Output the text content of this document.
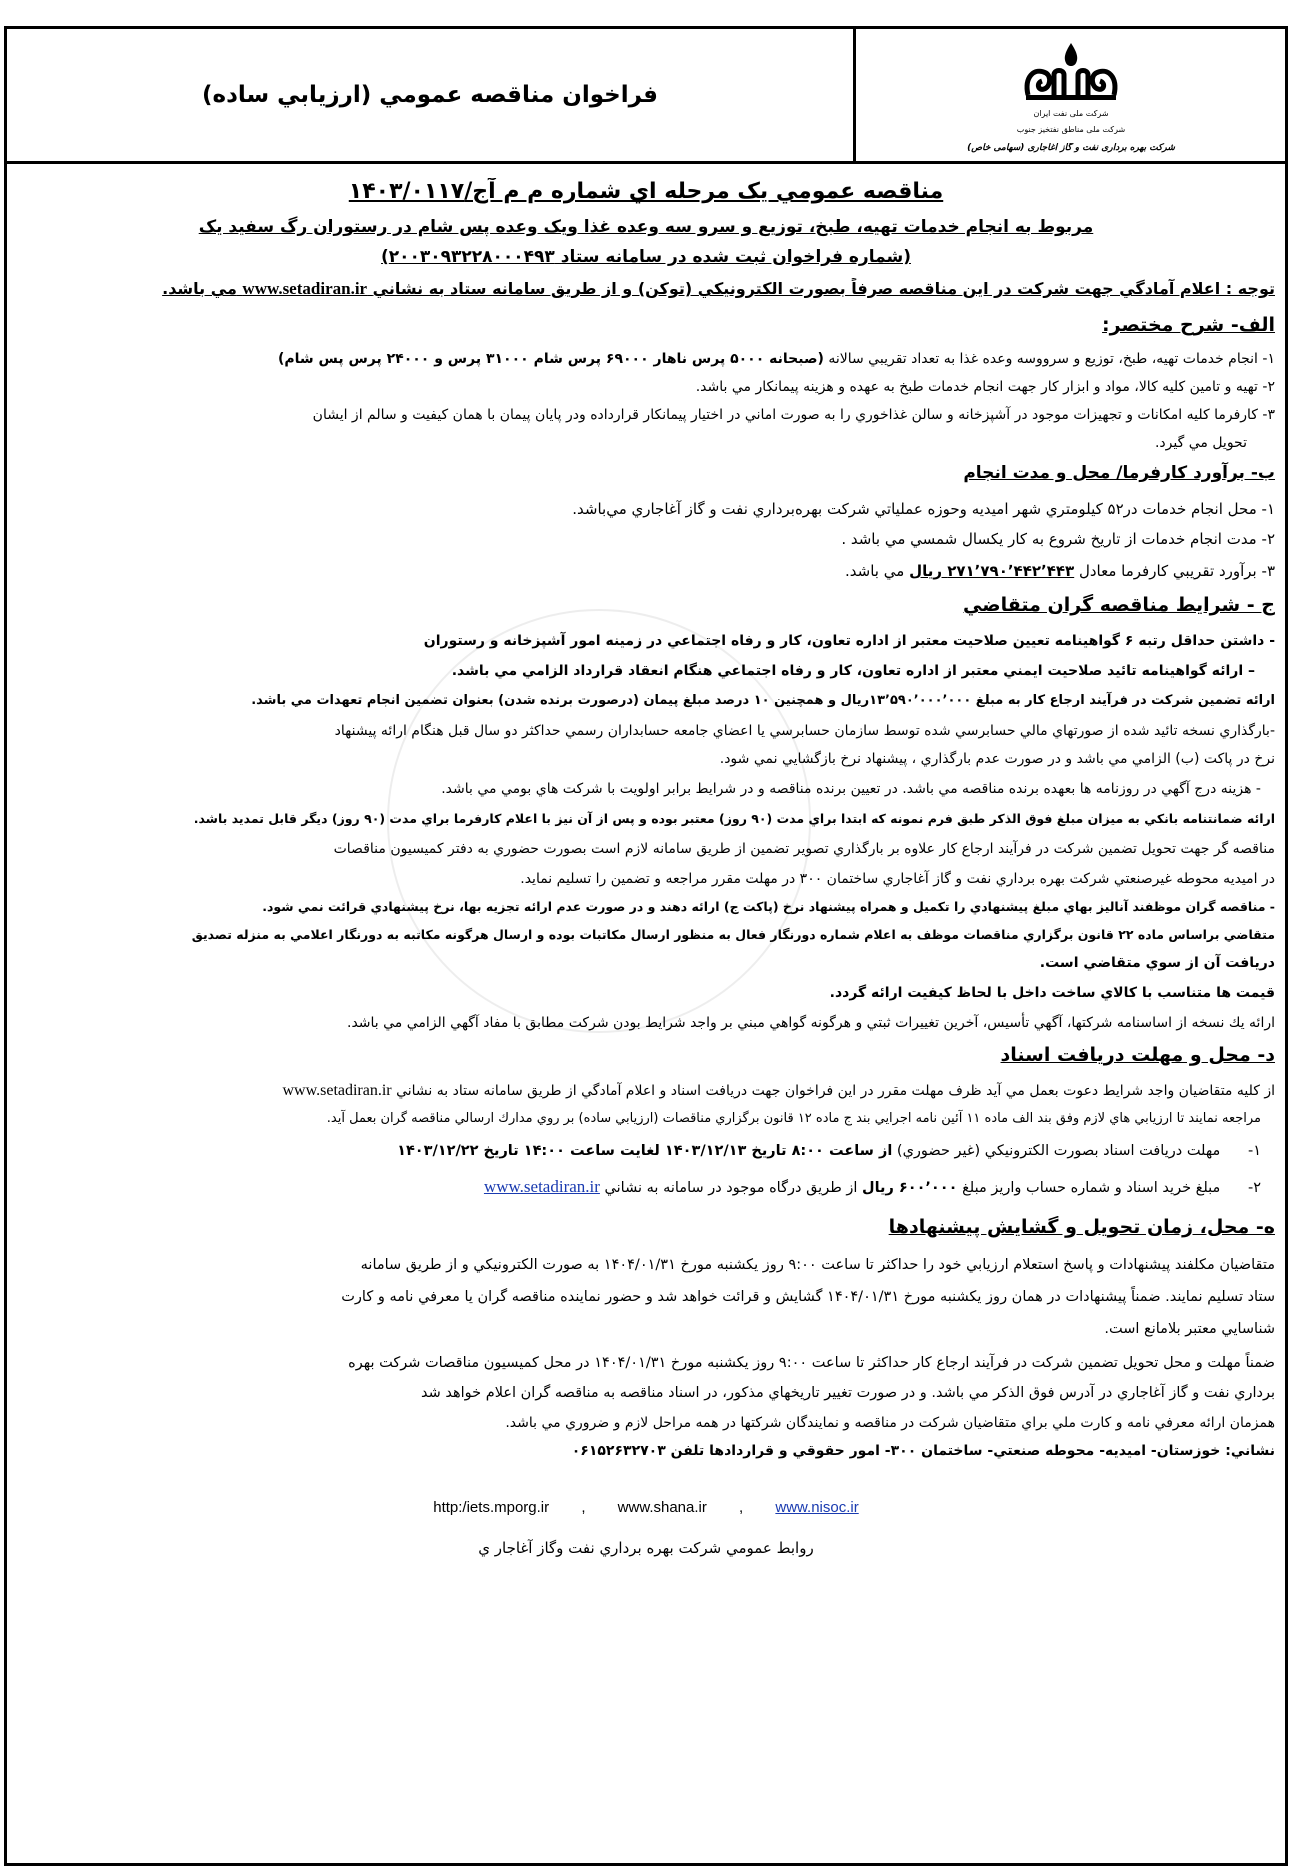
فراخوان مناقصه عمومي (ارزيابي ساده)
شرکت ملی نفت ایران
شرکت ملی مناطق نفتخیز جنوب
شرکت بهره برداری نفت و گاز آغاجاری (سهامی خاص)
مناقصه عمومي يک مرحله اي شماره م م آج/۱۴۰۳/۰۱۱۷
مربوط به انجام خدمات تهيه، طبخ، توزيع و سرو سه وعده غذا ويک وعده پس شام در رستوران رگ سفيد يک
(شماره فراخوان ثبت شده در سامانه ستاد ۲۰۰۳۰۹۳۲۲۸۰۰۰۴۹۳)
توجه : اعلام آمادگي جهت شركت در اين مناقصه صرفاً بصورت الكترونيكي (توكن) و از طريق سامانه ستاد به نشاني www.setadiran.ir مي باشد.
الف- شرح مختصر:
۱- انجام خدمات تهيه، طبخ، توزيع و سرووسه وعده غذا به تعداد تقريبي سالانه (صبحانه ۵۰۰۰ پرس ناهار ۶۹۰۰۰ پرس شام ۳۱۰۰۰ پرس و ۲۴۰۰۰ پرس پس شام)
۲- تهيه و تامين كليه كالا، مواد و ابزار كار جهت انجام خدمات طبخ به عهده و هزينه پيمانكار مي باشد.
۳- كارفرما كليه امكانات و تجهيزات موجود در آشپزخانه و سالن غذاخوري را به صورت اماني در اختيار پيمانكار قرارداده ودر پايان پيمان با همان كيفيت و سالم از ايشان
تحويل مي گيرد.
ب- برآورد كارفرما/ محل و مدت انجام
۱- محل انجام خدمات در۵۲ كيلومتري شهر اميديه وحوزه عملياتي شركت بهره‌برداري نفت و گاز آغاجاري مي‌باشد.
۲- مدت انجام خدمات از تاريخ شروع به كار يكسال شمسي مي باشد .
۳- برآورد تقريبي كارفرما معادل ۲۷۱٬۷۹۰٬۴۴۲٬۴۴۳ ريال مي باشد.
ج - شرايط مناقصه گران متقاضي
- داشتن حداقل رتبه ۶ گواهينامه تعيين صلاحيت معتبر از اداره تعاون، كار و رفاه اجتماعي در زمينه امور آشپزخانه و رستوران
– ارائه گواهينامه تائيد صلاحيت ايمني معتبر از اداره تعاون، كار و رفاه اجتماعي هنگام انعقاد قرارداد الزامي مي باشد.
ارائه تضمين شركت در فرآيند ارجاع كار به مبلغ ۱۳٬۵۹۰٬۰۰۰٬۰۰۰ريال و همچنين ۱۰ درصد مبلغ پيمان (درصورت برنده شدن) بعنوان تضمين انجام تعهدات مي باشد.
-بارگذاري نسخه تائيد شده از صورتهاي مالي حسابرسي شده توسط سازمان حسابرسي يا اعضاي جامعه حسابداران رسمي حداكثر دو سال قبل هنگام ارائه پيشنهاد
نرخ در پاكت (ب) الزامي مي باشد و در صورت عدم بارگذاري ، پيشنهاد نرخ بازگشايي نمي شود.
- هزينه درج آگهي در روزنامه ها بعهده برنده مناقصه مي باشد. در تعيين برنده مناقصه و در شرايط برابر اولويت با شركت هاي بومي مي باشد.
ارائه ضمانتنامه بانكي به ميزان مبلغ فوق الذكر طبق فرم نمونه كه ابتدا براي مدت (۹۰ روز) معتبر بوده و پس از آن نيز با اعلام كارفرما براي مدت (۹۰ روز) ديگر قابل تمديد باشد.
مناقصه گر جهت تحويل تضمين شركت در فرآيند ارجاع كار علاوه بر بارگذاري تصوير تضمين از طريق سامانه لازم است بصورت حضوري به دفتر كميسيون مناقصات
در اميديه محوطه غيرصنعتي شركت بهره برداري نفت و گاز آغاجاري ساختمان ۳۰۰ در مهلت مقرر مراجعه و تضمين را تسليم نمايد.
- مناقصه گران موظفند آناليز بهاي مبلغ پيشنهادي را تكميل و همراه پيشنهاد نرخ (پاكت ج) ارائه دهند و در صورت عدم ارائه تجزيه بها، نرخ پيشنهادي قرائت نمي شود.
متقاضي براساس ماده ۲۲ قانون برگزاري مناقصات موظف به اعلام شماره دورنگار فعال به منظور ارسال مكاتبات بوده و ارسال هرگونه مكاتبه به دورنگار اعلامي به منزله تصديق
دريافت آن از سوي متقاضي است.
قيمت ها متناسب با كالاي ساخت داخل با لحاظ كيفيت ارائه گردد.
ارائه يك نسخه از اساسنامه شركتها، آگهي تأسيس، آخرين تغييرات ثبتي و هرگونه گواهي مبني بر واجد شرايط بودن شركت مطابق با مفاد آگهي الزامي مي باشد.
د- محل و مهلت دريافت اسناد
از كليه متقاضيان واجد شرايط دعوت بعمل مي آيد ظرف مهلت مقرر در اين فراخوان جهت دريافت اسناد و اعلام آمادگي از طريق سامانه ستاد به نشاني www.setadiran.ir
مراجعه نمايند تا ارزيابي هاي لازم وفق بند الف ماده ۱۱ آئين نامه اجرايي بند ج ماده ۱۲ قانون برگزاري مناقصات (ارزيابي ساده) بر روي مدارك ارسالي مناقصه گران بعمل آيد.
۱-      مهلت دريافت اسناد بصورت الكترونيكي (غير حضوري) از ساعت ۸:۰۰ تاريخ ۱۴۰۳/۱۲/۱۳ لغايت ساعت ۱۴:۰۰ تاريخ ۱۴۰۳/۱۲/۲۲
۲-      مبلغ خريد اسناد و شماره حساب واريز مبلغ ۶۰۰٬۰۰۰ ريال از طريق درگاه موجود در سامانه به نشاني www.setadiran.ir
ه- محل، زمان تحويل و گشايش پيشنهادها
متقاضيان مكلفند پيشنهادات و پاسخ استعلام ارزيابي خود را حداكثر تا ساعت ۹:۰۰ روز يكشنبه مورخ ۱۴۰۴/۰۱/۳۱ به صورت الكترونيكي و از طريق سامانه
ستاد تسليم نمايند. ضمناً پيشنهادات در همان روز يكشنبه مورخ ۱۴۰۴/۰۱/۳۱ گشايش و قرائت خواهد شد و حضور نماينده مناقصه گران يا معرفي نامه و كارت
شناسايي معتبر بلامانع است.
ضمناً مهلت و محل تحويل تضمين شركت در فرآيند ارجاع كار حداكثر تا ساعت ۹:۰۰ روز يكشنبه مورخ ۱۴۰۴/۰۱/۳۱ در محل كميسيون مناقصات شركت بهره
برداري نفت و گاز آغاجاري در آدرس فوق الذكر مي باشد. و در صورت تغيير تاريخهاي مذكور، در اسناد مناقصه به مناقصه گران اعلام خواهد شد
همزمان ارائه معرفي نامه و كارت ملي براي متقاضيان شركت در مناقصه و نمايندگان شركتها در همه مراحل لازم و ضروري مي باشد.
نشاني: خوزستان- اميديه- محوطه صنعتي- ساختمان ۳۰۰- امور حقوقي و قراردادها تلفن ۰۶۱۵۲۶۳۲۷۰۳
http:/iets.mporg.ir , www.shana.ir , www.nisoc.ir
روابط عمومي شركت بهره برداري نفت وگاز آغاجار ي
